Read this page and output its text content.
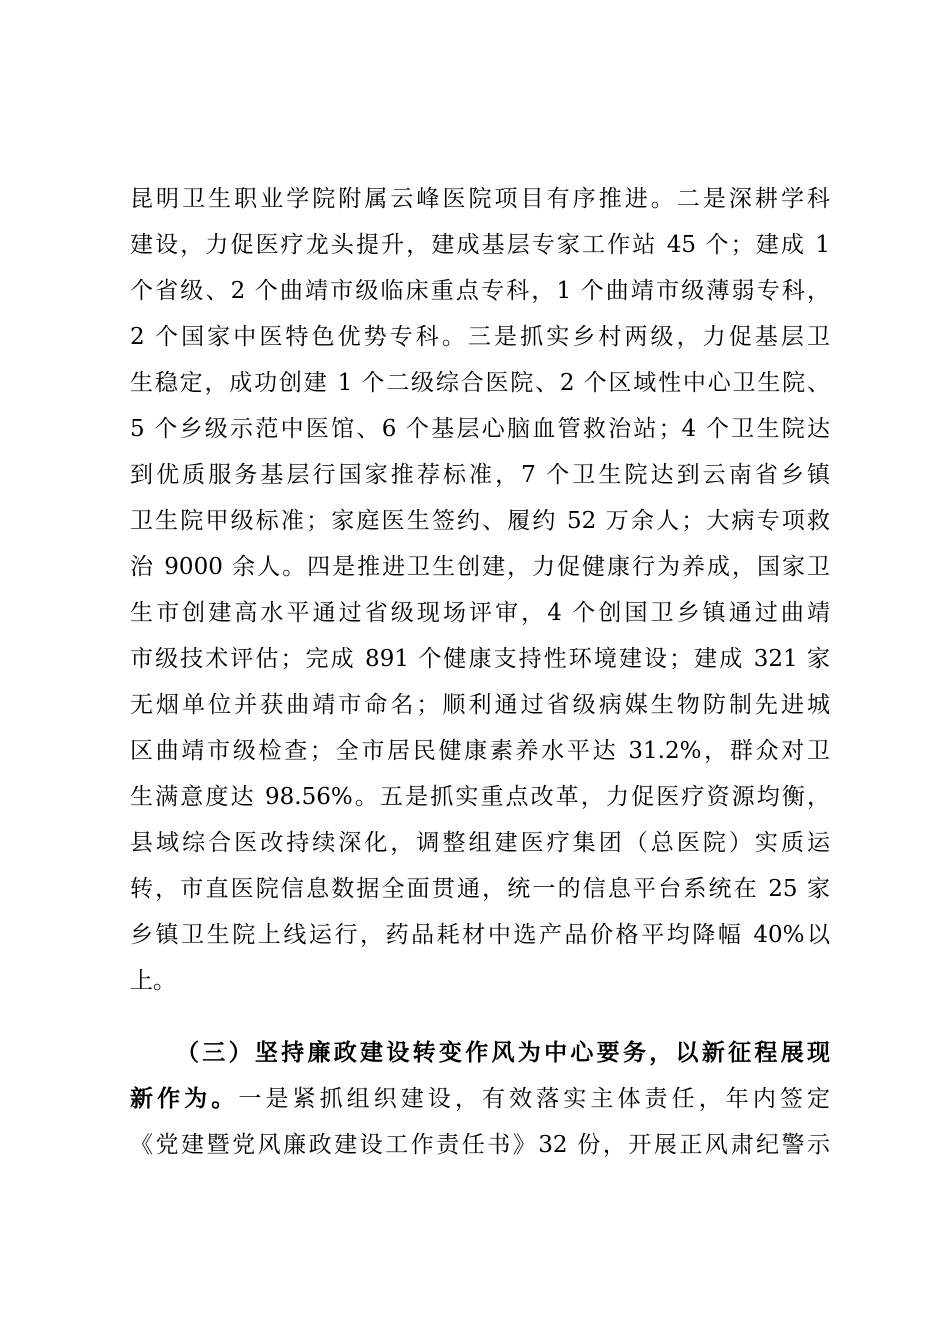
昆明卫生职业学院附属云峰医院项目有序推进。二是深耕学科
建设，力促医疗龙头提升，建成基层专家工作站 45 个；建成 1
个省级、2 个曲靖市级临床重点专科，1 个曲靖市级薄弱专科，
2 个国家中医特色优势专科。三是抓实乡村两级，力促基层卫
生稳定，成功创建 1 个二级综合医院、2 个区域性中心卫生院、
5 个乡级示范中医馆、6 个基层心脑血管救治站；4 个卫生院达
到优质服务基层行国家推荐标准，7 个卫生院达到云南省乡镇
卫生院甲级标准；家庭医生签约、履约 52 万余人；大病专项救
治 9000 余人。四是推进卫生创建，力促健康行为养成，国家卫
生市创建高水平通过省级现场评审，4 个创国卫乡镇通过曲靖
市级技术评估；完成 891 个健康支持性环境建设；建成 321 家
无烟单位并获曲靖市命名；顺利通过省级病媒生物防制先进城
区曲靖市级检查；全市居民健康素养水平达 31.2%，群众对卫
生满意度达 98.56%。五是抓实重点改革，力促医疗资源均衡，
县域综合医改持续深化，调整组建医疗集团（总医院）实质运
转，市直医院信息数据全面贯通，统一的信息平台系统在 25 家
乡镇卫生院上线运行，药品耗材中选产品价格平均降幅 40%以
上。
（三）坚持廉政建设转变作风为中心要务，以新征程展现
新作为。一是紧抓组织建设，有效落实主体责任，年内签定
《党建暨党风廉政建设工作责任书》32 份，开展正风肃纪警示
